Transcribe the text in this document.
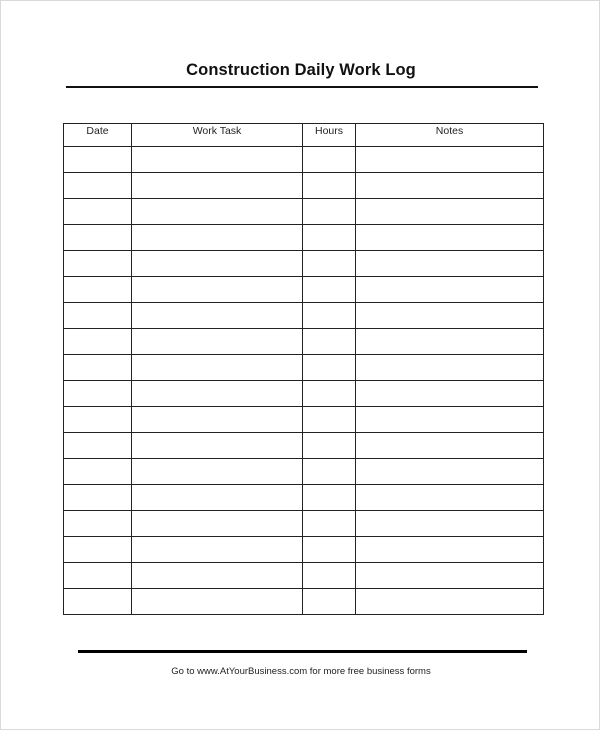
Construction Daily Work Log
Date	Work Task	Hours	Notes

Go to www.AtYourBusiness.com for more free business forms
